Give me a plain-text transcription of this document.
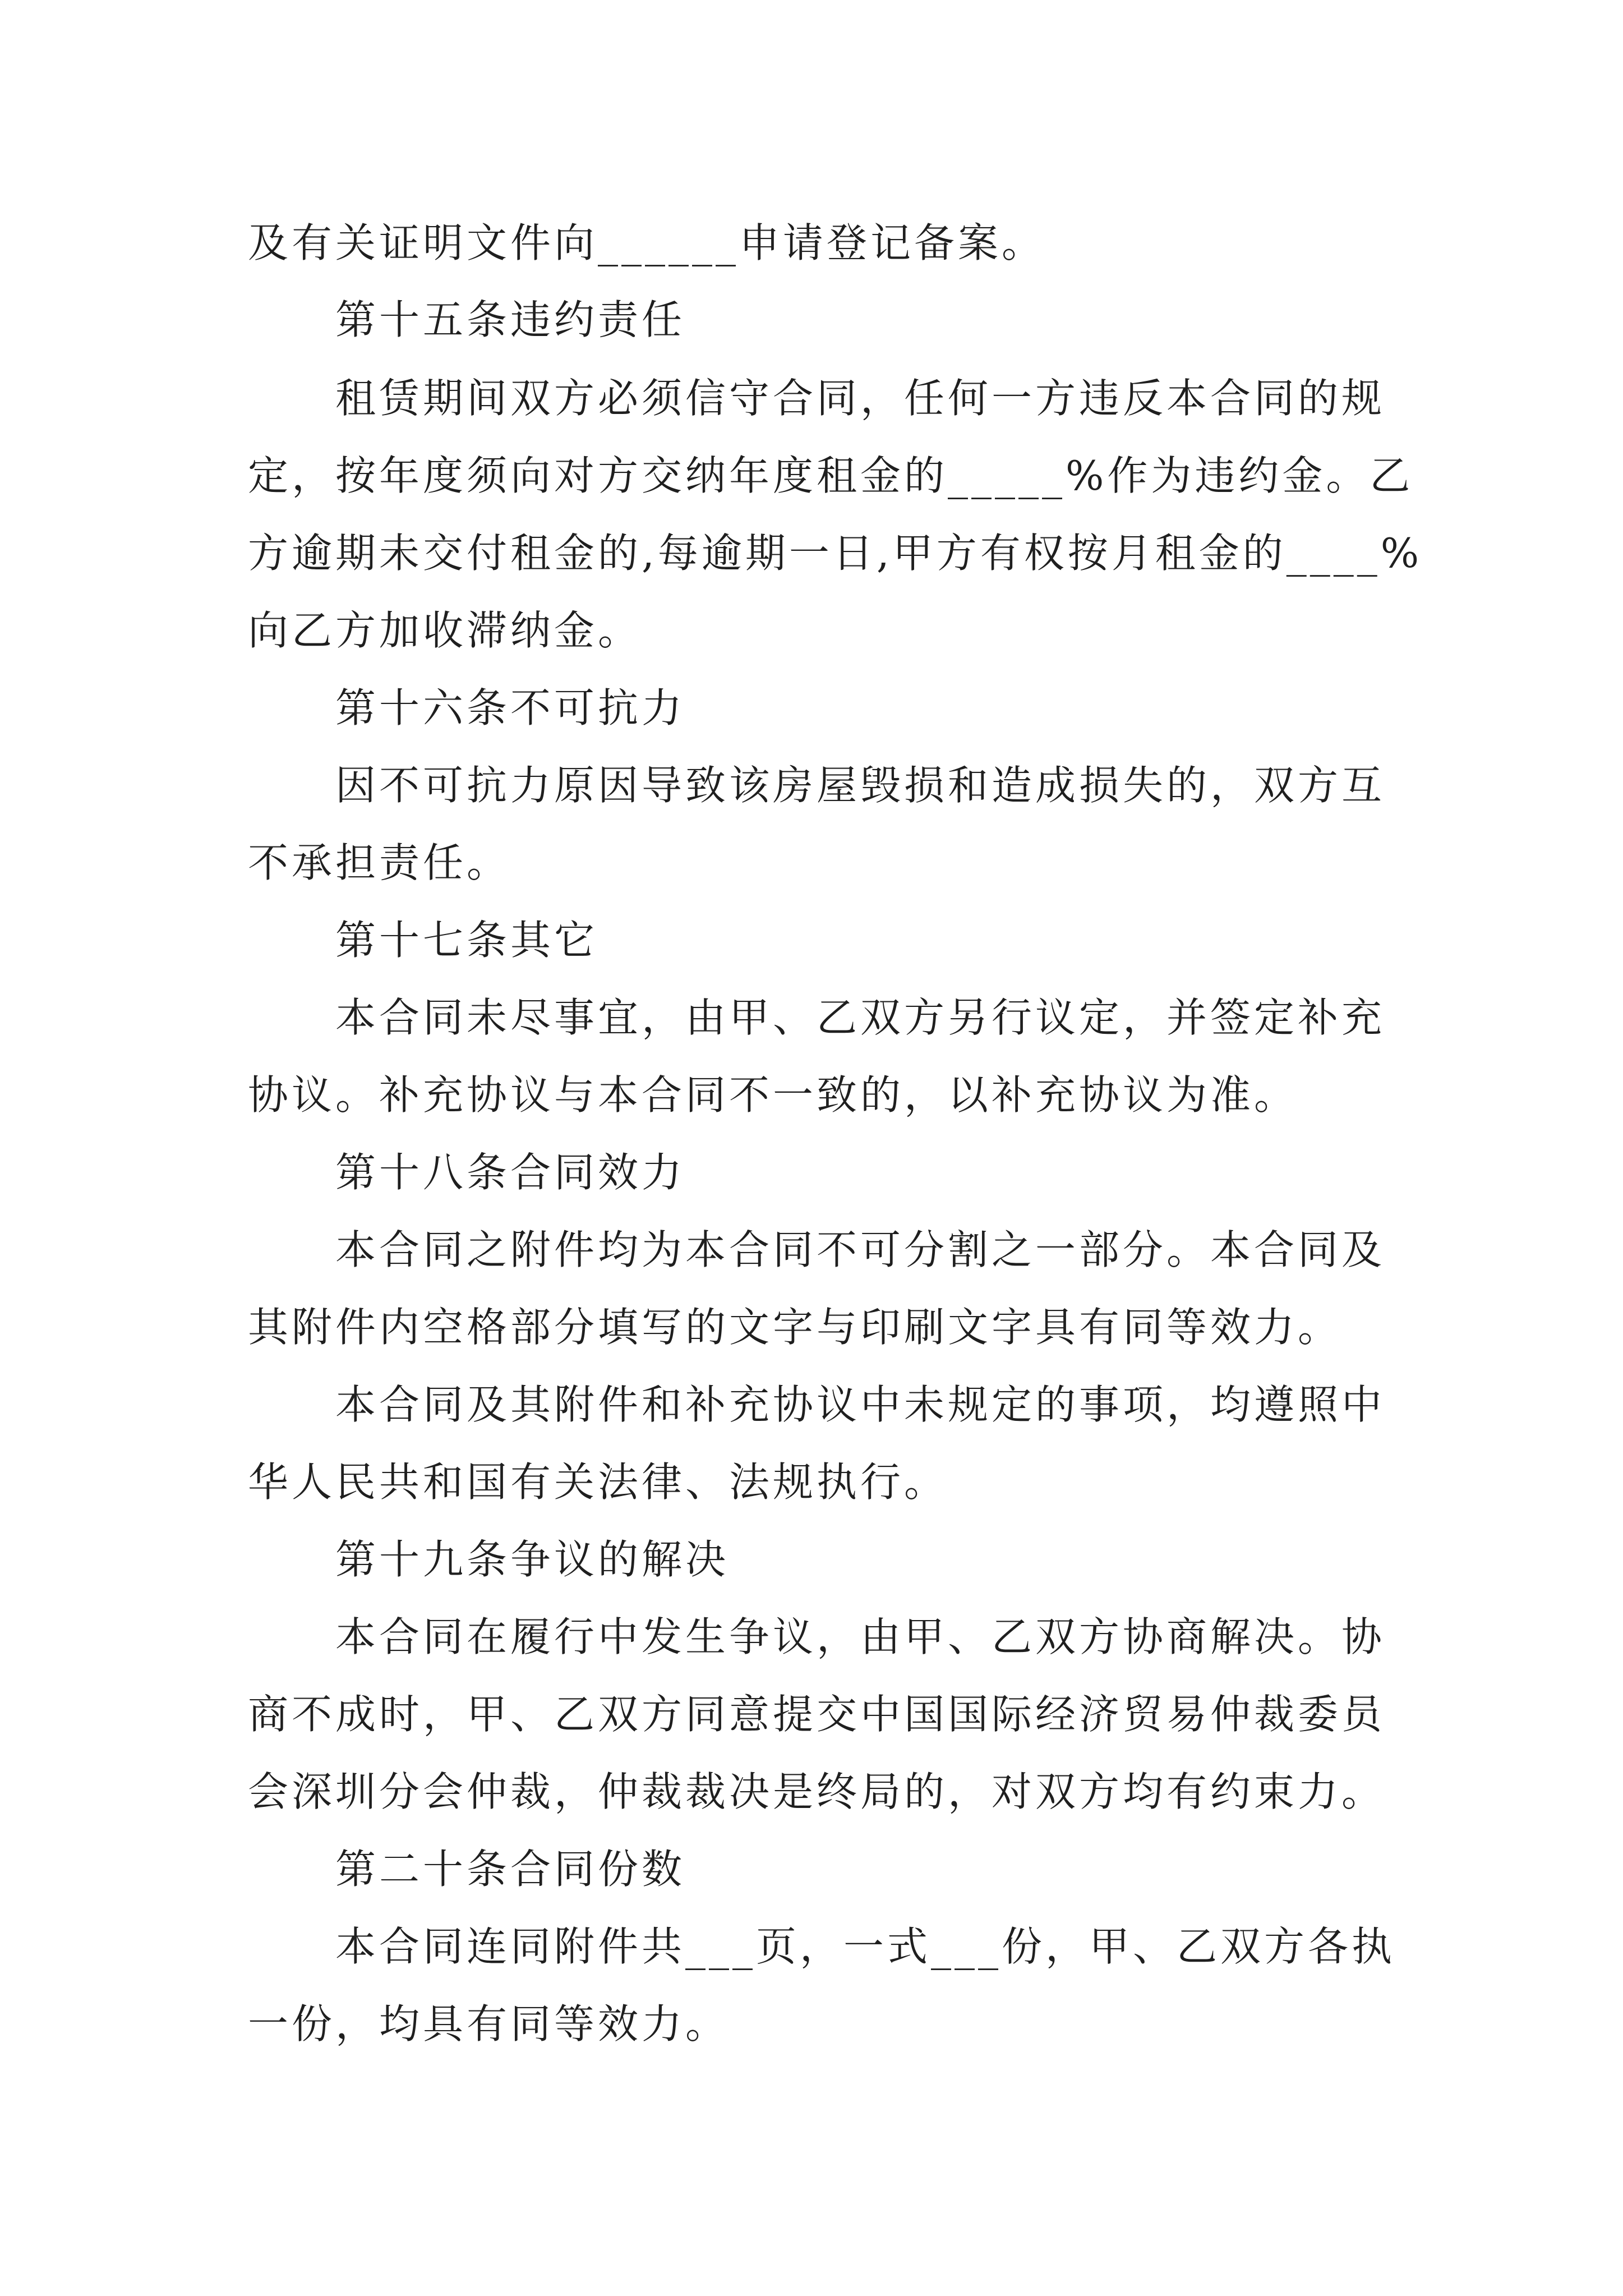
及有关证明文件向______申请登记备案。

第十五条违约责任

租赁期间双方必须信守合同，任何一方违反本合同的规

定，按年度须向对方交纳年度租金的_____%作为违约金。乙

方逾期未交付租金的,每逾期一日,甲方有权按月租金的____%

向乙方加收滞纳金。

第十六条不可抗力

因不可抗力原因导致该房屋毁损和造成损失的，双方互

不承担责任。

第十七条其它

本合同未尽事宜，由甲、乙双方另行议定，并签定补充

协议。补充协议与本合同不一致的，以补充协议为准。

第十八条合同效力

本合同之附件均为本合同不可分割之一部分。本合同及

其附件内空格部分填写的文字与印刷文字具有同等效力。

本合同及其附件和补充协议中未规定的事项，均遵照中

华人民共和国有关法律、法规执行。

第十九条争议的解决

本合同在履行中发生争议，由甲、乙双方协商解决。协

商不成时，甲、乙双方同意提交中国国际经济贸易仲裁委员

会深圳分会仲裁，仲裁裁决是终局的，对双方均有约束力。

第二十条合同份数

本合同连同附件共___页，一式___份，甲、乙双方各执

一份，均具有同等效力。
